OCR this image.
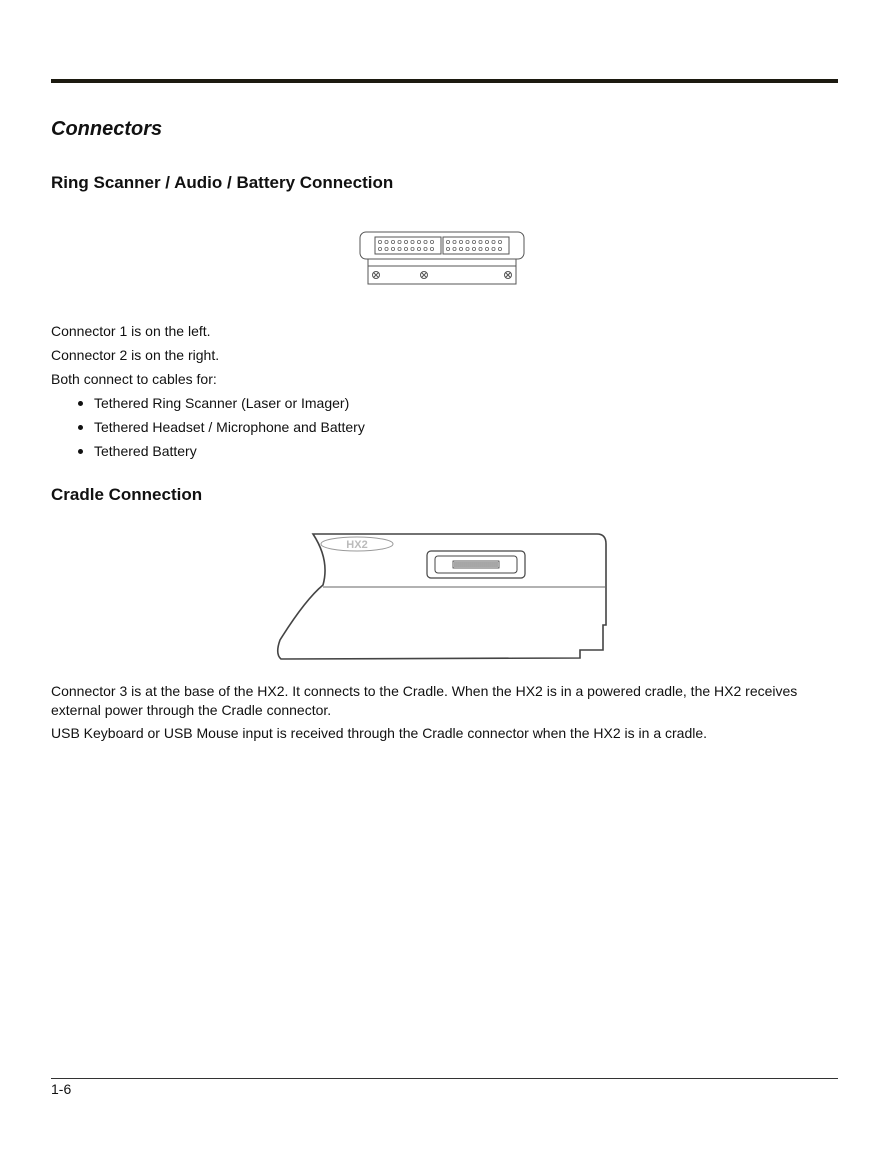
Connectors
Ring Scanner / Audio / Battery Connection

Connector 1 is on the left.

Connector 2 is on the right.

Both connect to cables for:

Tethered Ring Scanner (Laser or Imager)
Tethered Headset / Microphone and Battery
Tethered Battery
Cradle Connection
HX2

Connector 3 is at the base of the HX2. It connects to the Cradle. When the HX2 is in a powered cradle, the HX2 receives external power through the Cradle connector.

USB Keyboard or USB Mouse input is received through the Cradle connector when the HX2 is in a cradle.

1-6
